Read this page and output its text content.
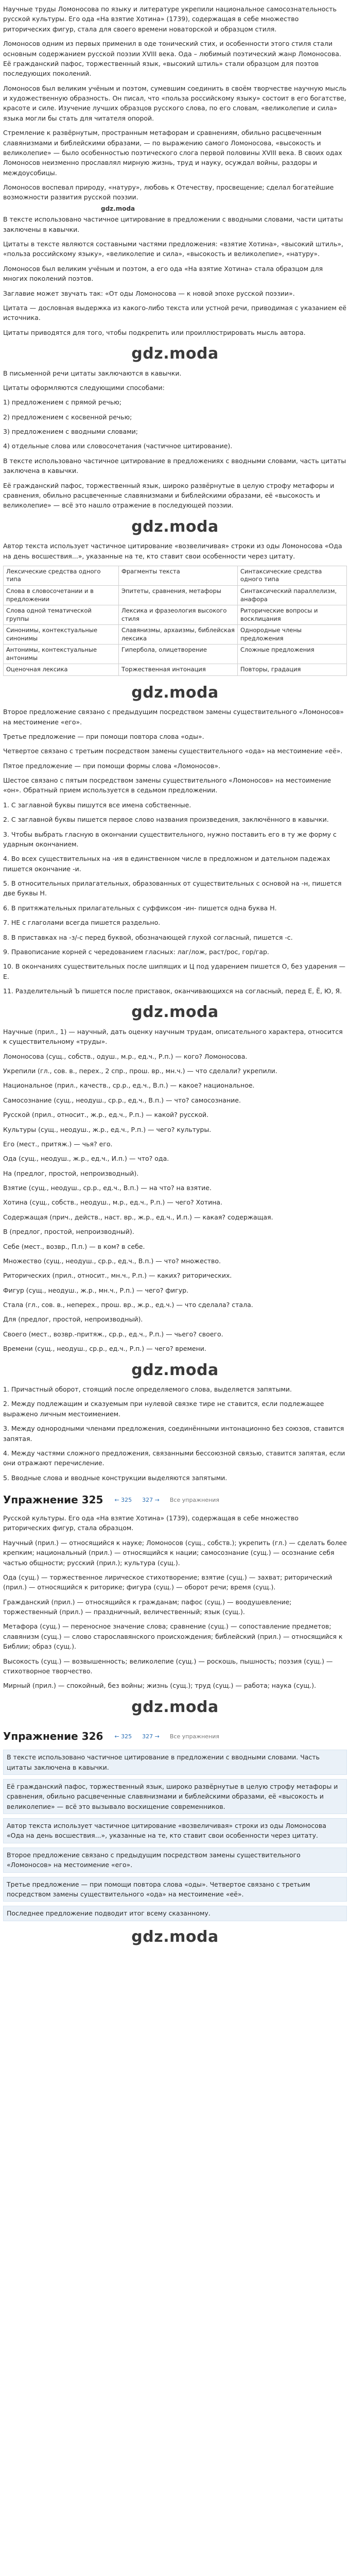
Научные труды Ломоносова по языку и литературе укрепили национальное самосознательность русской культуры. Его ода «На взятие Хотина» (1739), содержащая в себе множество риторических фигур, стала для своего времени новаторской и образцом стиля.

Ломоносов одним из первых применил в оде тонический стих, и особенности этого стиля стали основным содержанием русской поэзии XVIII века. Ода – любимый поэтический жанр Ломоносова. Её гражданский пафос, торжественный язык, «высокий штиль» стали образцом для поэтов последующих поколений.

Ломоносов был великим учёным и поэтом, сумевшим соединить в своём творчестве научную мысль и художественную образность. Он писал, что «польза российскому языку» состоит в его богатстве, красоте и силе. Изучение лучших образцов русского слова, по его словам, «великолепие и сила» языка могли бы стать для читателя опорой.

Стремление к развёрнутым, пространным метафорам и сравнениям, обильно расцвеченным славянизмами и библейскими образами, — по выражению самого Ломоносова, «высокость и великолепие» — было особенностью поэтического слога первой половины XVIII века. В своих одах Ломоносов неизменно прославлял мирную жизнь, труд и науку, осуждал войны, раздоры и междоусобицы.

Ломоносов воспевал природу, «натуру», любовь к Отечеству, просвещение; сделал богатейшие возможности развития русской поэзии.

gdz.moda

В тексте использовано частичное цитирование в предложении с вводными словами, части цитаты заключены в кавычки.

Цитаты в тексте являются составными частями предложения: «взятие Хотина», «высокий штиль», «польза российскому языку», «великолепие и сила», «высокость и великолепие», «натуру».

Ломоносов был великим учёным и поэтом, а его ода «На взятие Хотина» стала образцом для многих поколений поэтов.

Заглавие может звучать так: «От оды Ломоносова — к новой эпохе русской поэзии».

Цитата — дословная выдержка из какого-либо текста или устной речи, приводимая с указанием её источника.

Цитаты приводятся для того, чтобы подкрепить или проиллюстрировать мысль автора.

gdz.moda

В письменной речи цитаты заключаются в кавычки.

Цитаты оформляются следующими способами:

1) предложением с прямой речью;

2) предложением с косвенной речью;

3) предложением с вводными словами;

4) отдельные слова или словосочетания (частичное цитирование).

В тексте использовано частичное цитирование в предложениях с вводными словами, часть цитаты заключена в кавычки.

Её гражданский пафос, торжественный язык, широко развёрнутые в целую строфу метафоры и сравнения, обильно расцвеченные славянизмами и библейскими образами, её «высокость и великолепие» — всё это нашло отражение в последующей поэзии.

gdz.moda

Автор текста использует частичное цитирование «возвеличивая» строки из оды Ломоносова «Ода на день восшествия...», указанные на те, кто ставит свои особенности через цитату.

Лексические средства одного типа	Фрагменты текста	Синтаксические средства одного типа
Слова в словосочетании и в предложении	Эпитеты, сравнения, метафоры	Синтаксический параллелизм, анафора
Слова одной тематической группы	Лексика и фразеология высокого стиля	Риторические вопросы и восклицания
Синонимы, контекстуальные синонимы	Славянизмы, архаизмы, библейская лексика	Однородные члены предложения
Антонимы, контекстуальные антонимы	Гипербола, олицетворение	Сложные предложения
Оценочная лексика	Торжественная интонация	Повторы, градация
gdz.moda

Второе предложение связано с предыдущим посредством замены существительного «Ломоносов» на местоимение «его».

Третье предложение — при помощи повтора слова «оды».

Четвертое связано с третьим посредством замены существительного «ода» на местоимение «её».

Пятое предложение — при помощи формы слова «Ломоносов».

Шестое связано с пятым посредством замены существительного «Ломоносов» на местоимение «он». Обратный прием используется в седьмом предложении.

1. С заглавной буквы пишутся все имена собственные.

2. С заглавной буквы пишется первое слово названия произведения, заключённого в кавычки.

3. Чтобы выбрать гласную в окончании существительного, нужно поставить его в ту же форму с ударным окончанием.

4. Во всех существительных на -ия в единственном числе в предложном и дательном падежах пишется окончание -и.

5. В относительных прилагательных, образованных от существительных с основой на -н, пишется две буквы Н.

6. В притяжательных прилагательных с суффиксом -ин- пишется одна буква Н.

7. НЕ с глаголами всегда пишется раздельно.

8. В приставках на -з/-с перед буквой, обозначающей глухой согласный, пишется -с.

9. Правописание корней с чередованием гласных: лаг/лож, раст/рос, гор/гар.

10. В окончаниях существительных после шипящих и Ц под ударением пишется О, без ударения — Е.

11. Разделительный Ъ пишется после приставок, оканчивающихся на согласный, перед Е, Ё, Ю, Я.

gdz.moda

Научные (прил., 1) — научный, дать оценку научным трудам, описательного характера, относится к существительному «труды».

Ломоносова (сущ., собств., одуш., м.р., ед.ч., Р.п.) — кого? Ломоносова.

Укрепили (гл., сов. в., перех., 2 спр., прош. вр., мн.ч.) — что сделали? укрепили.

Национальное (прил., качеств., ср.р., ед.ч., В.п.) — какое? национальное.

Самосознание (сущ., неодуш., ср.р., ед.ч., В.п.) — что? самосознание.

Русской (прил., относит., ж.р., ед.ч., Р.п.) — какой? русской.

Культуры (сущ., неодуш., ж.р., ед.ч., Р.п.) — чего? культуры.

Его (мест., притяж.) — чья? его.

Ода (сущ., неодуш., ж.р., ед.ч., И.п.) — что? ода.

На (предлог, простой, непроизводный).

Взятие (сущ., неодуш., ср.р., ед.ч., В.п.) — на что? на взятие.

Хотина (сущ., собств., неодуш., м.р., ед.ч., Р.п.) — чего? Хотина.

Содержащая (прич., действ., наст. вр., ж.р., ед.ч., И.п.) — какая? содержащая.

В (предлог, простой, непроизводный).

Себе (мест., возвр., П.п.) — в ком? в себе.

Множество (сущ., неодуш., ср.р., ед.ч., В.п.) — что? множество.

Риторических (прил., относит., мн.ч., Р.п.) — каких? риторических.

Фигур (сущ., неодуш., ж.р., мн.ч., Р.п.) — чего? фигур.

Стала (гл., сов. в., неперех., прош. вр., ж.р., ед.ч.) — что сделала? стала.

Для (предлог, простой, непроизводный).

Своего (мест., возвр.-притяж., ср.р., ед.ч., Р.п.) — чьего? своего.

Времени (сущ., неодуш., ср.р., ед.ч., Р.п.) — чего? времени.

gdz.moda

1. Причастный оборот, стоящий после определяемого слова, выделяется запятыми.

2. Между подлежащим и сказуемым при нулевой связке тире не ставится, если подлежащее выражено личным местоимением.

3. Между однородными членами предложения, соединёнными интонационно без союзов, ставится запятая.

4. Между частями сложного предложения, связанными бессоюзной связью, ставится запятая, если они отражают перечисление.

5. Вводные слова и вводные конструкции выделяются запятыми.

Упражнение 325	← 325	327 →	Все упражнения

Русской культуры. Его ода «На взятие Хотина» (1739), содержащая в себе множество риторических фигур, стала образцом.

Научный (прил.) — относящийся к науке; Ломоносов (сущ., собств.); укрепить (гл.) — сделать более крепким; национальный (прил.) — относящийся к нации; самосознание (сущ.) — осознание себя частью общности; русский (прил.); культура (сущ.).

Ода (сущ.) — торжественное лирическое стихотворение; взятие (сущ.) — захват; риторический (прил.) — относящийся к риторике; фигура (сущ.) — оборот речи; время (сущ.).

Гражданский (прил.) — относящийся к гражданам; пафос (сущ.) — воодушевление; торжественный (прил.) — праздничный, величественный; язык (сущ.).

Метафора (сущ.) — переносное значение слова; сравнение (сущ.) — сопоставление предметов; славянизм (сущ.) — слово старославянского происхождения; библейский (прил.) — относящийся к Библии; образ (сущ.).

Высокость (сущ.) — возвышенность; великолепие (сущ.) — роскошь, пышность; поэзия (сущ.) — стихотворное творчество.

Мирный (прил.) — спокойный, без войны; жизнь (сущ.); труд (сущ.) — работа; наука (сущ.).

gdz.moda
Упражнение 326	← 325	327 →	Все упражнения

В тексте использовано частичное цитирование в предложении с вводными словами. Часть цитаты заключена в кавычки.

Её гражданский пафос, торжественный язык, широко развёрнутые в целую строфу метафоры и сравнения, обильно расцвеченные славянизмами и библейскими образами, её «высокость и великолепие» — всё это вызывало восхищение современников.

Автор текста использует частичное цитирование «возвеличивая» строки из оды Ломоносова «Ода на день восшествия...», указанные на те, кто ставит свои особенности через цитату.

Второе предложение связано с предыдущим посредством замены существительного «Ломоносов» на местоимение «его».

Третье предложение — при помощи повтора слова «оды». Четвертое связано с третьим посредством замены существительного «ода» на местоимение «её».

Последнее предложение подводит итог всему сказанному.

gdz.moda
